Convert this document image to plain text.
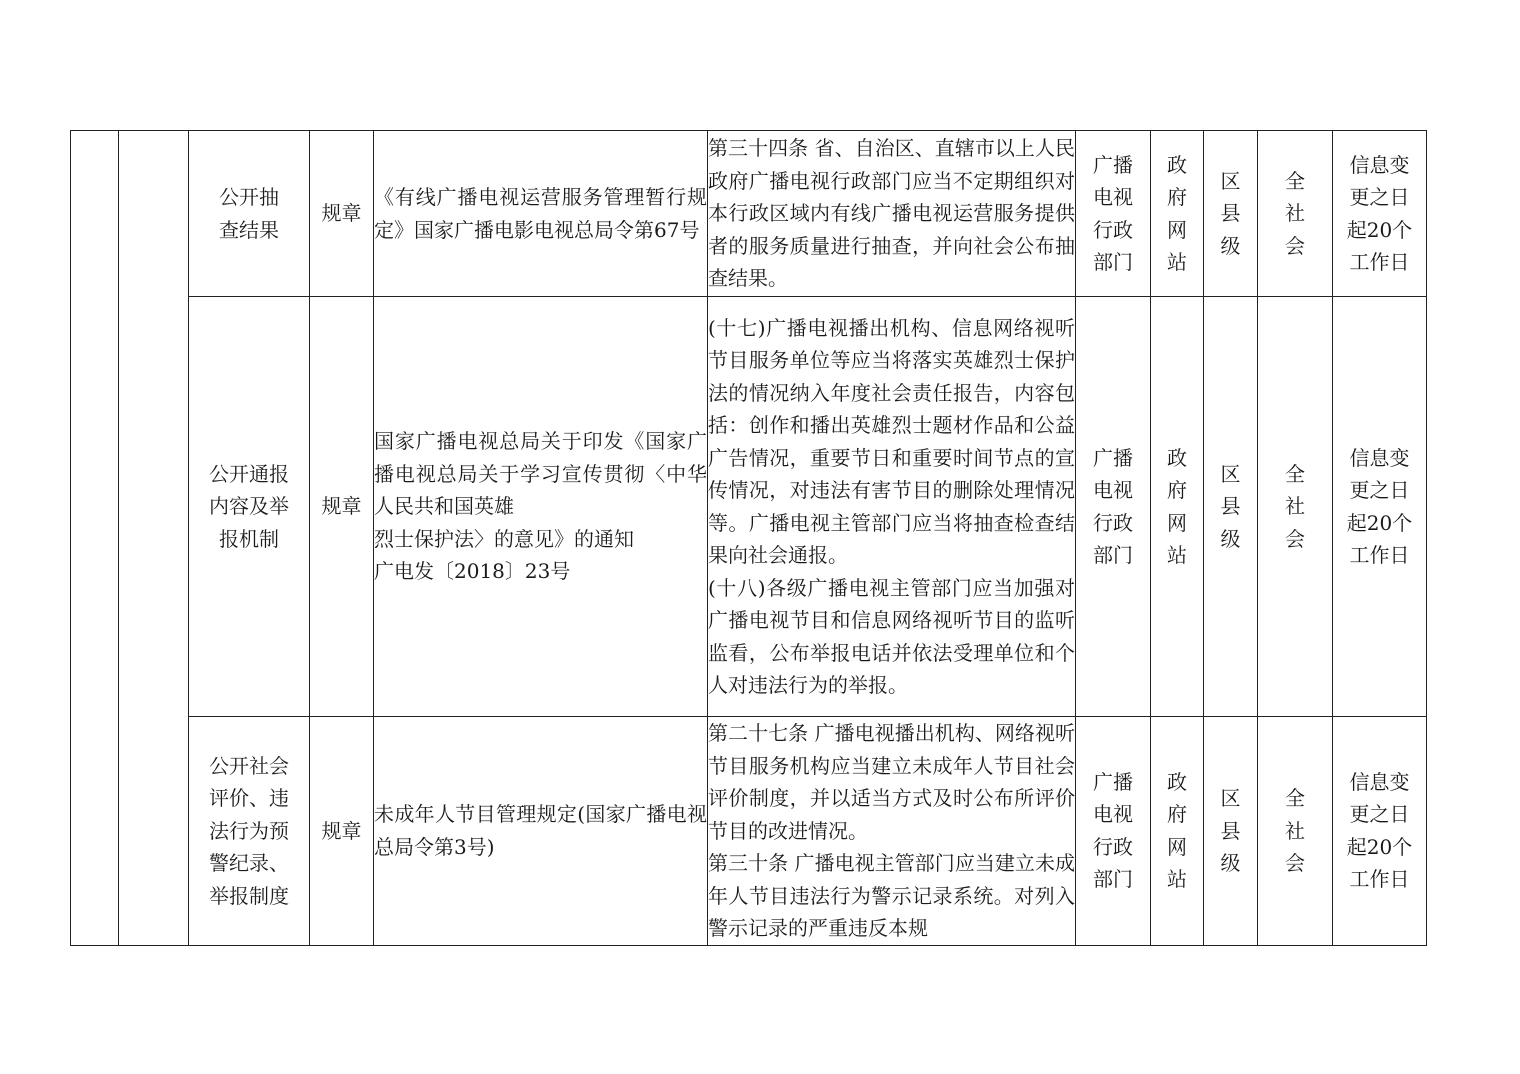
		公开抽
查结果	规章	《有线广播电视运营服务管理暂行规定》国家广播电影电视总局令第67号	第三十四条 省、自治区、直辖市以上人民政府广播电视行政部门应当不定期组织对本行政区域内有线广播电视运营服务提供者的服务质量进行抽查，并向社会公布抽查结果。	广播
电视
行政
部门	政
府
网
站	区
县
级	全
社
会	信息变
更之日
起20个
工作日

		公开通报
内容及举
报机制	规章	国家广播电视总局关于印发《国家广播电视总局关于学习宣传贯彻〈中华人民共和国英雄
烈士保护法〉的意见》的通知
广电发〔2018〕23号	(十七)广播电视播出机构、信息网络视听节目服务单位等应当将落实英雄烈士保护法的情况纳入年度社会责任报告，内容包括：创作和播出英雄烈士题材作品和公益广告情况，重要节日和重要时间节点的宣传情况，对违法有害节目的删除处理情况等。广播电视主管部门应当将抽查检查结果向社会通报。
(十八)各级广播电视主管部门应当加强对广播电视节目和信息网络视听节目的监听监看，公布举报电话并依法受理单位和个人对违法行为的举报。	广播
电视
行政
部门	政
府
网
站	区
县
级	全
社
会	信息变
更之日
起20个
工作日

		公开社会
评价、违
法行为预
警纪录、
举报制度	规章	未成年人节目管理规定(国家广播电视总局令第3号)	第二十七条 广播电视播出机构、网络视听节目服务机构应当建立未成年人节目社会评价制度，并以适当方式及时公布所评价节目的改进情况。
第三十条 广播电视主管部门应当建立未成年人节目违法行为警示记录系统。对列入警示记录的严重违反本规	广播
电视
行政
部门	政
府
网
站	区
县
级	全
社
会	信息变
更之日
起20个
工作日
